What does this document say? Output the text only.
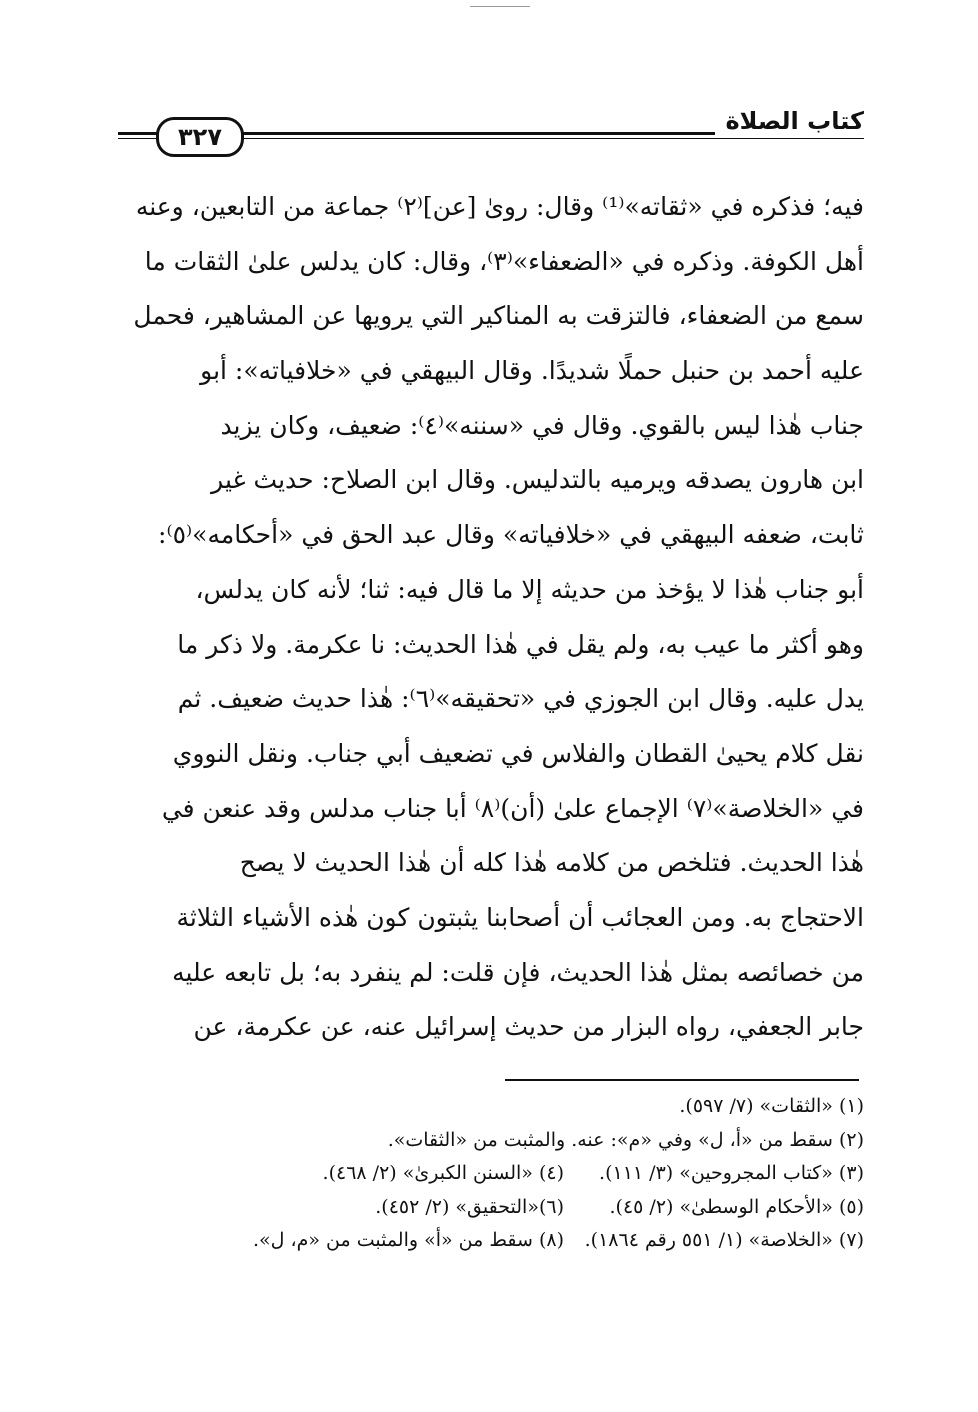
٣٢٧
كتاب الصلاة
فيه؛ فذكره في «ثقاته»⁽¹⁾ وقال: روىٰ [عن]⁽٢⁾ جماعة من التابعين، وعنه
أهل الكوفة. وذكره في «الضعفاء»⁽٣⁾، وقال: كان يدلس علىٰ الثقات ما
سمع من الضعفاء، فالتزقت به المناكير التي يرويها عن المشاهير، فحمل
عليه أحمد بن حنبل حملًا شديدًا. وقال البيهقي في «خلافياته»: أبو
جناب هٰذا ليس بالقوي. وقال في «سننه»⁽٤⁾: ضعيف، وكان يزيد
ابن هارون يصدقه ويرميه بالتدليس. وقال ابن الصلاح: حديث غير
ثابت، ضعفه البيهقي في «خلافياته» وقال عبد الحق في «أحكامه»⁽٥⁾:
أبو جناب هٰذا لا يؤخذ من حديثه إلا ما قال فيه: ثنا؛ لأنه كان يدلس،
وهو أكثر ما عيب به، ولم يقل في هٰذا الحديث: نا عكرمة. ولا ذكر ما
يدل عليه. وقال ابن الجوزي في «تحقيقه»⁽٦⁾: هٰذا حديث ضعيف. ثم
نقل كلام يحيىٰ القطان والفلاس في تضعيف أبي جناب. ونقل النووي
في «الخلاصة»⁽٧⁾ الإجماع علىٰ (أن)⁽٨⁾ أبا جناب مدلس وقد عنعن في
هٰذا الحديث. فتلخص من كلامه هٰذا كله أن هٰذا الحديث لا يصح
الاحتجاج به. ومن العجائب أن أصحابنا يثبتون كون هٰذه الأشياء الثلاثة
من خصائصه بمثل هٰذا الحديث، فإن قلت: لم ينفرد به؛ بل تابعه عليه
جابر الجعفي، رواه البزار من حديث إسرائيل عنه، عن عكرمة، عن
(١) «الثقات» (٧/ ٥٩٧).
(٢) سقط من «أ، ل» وفي «م»: عنه. والمثبت من «الثقات».
(٣) «كتاب المجروحين» (٣/ ١١١).(٤) «السنن الكبرىٰ» (٢/ ٤٦٨).
(٥) «الأحكام الوسطىٰ» (٢/ ٤٥).(٦)«التحقيق» (٢/ ٤٥٢).
(٧) «الخلاصة» (١/ ٥٥١ رقم ١٨٦٤).(٨) سقط من «أ» والمثبت من «م، ل».
